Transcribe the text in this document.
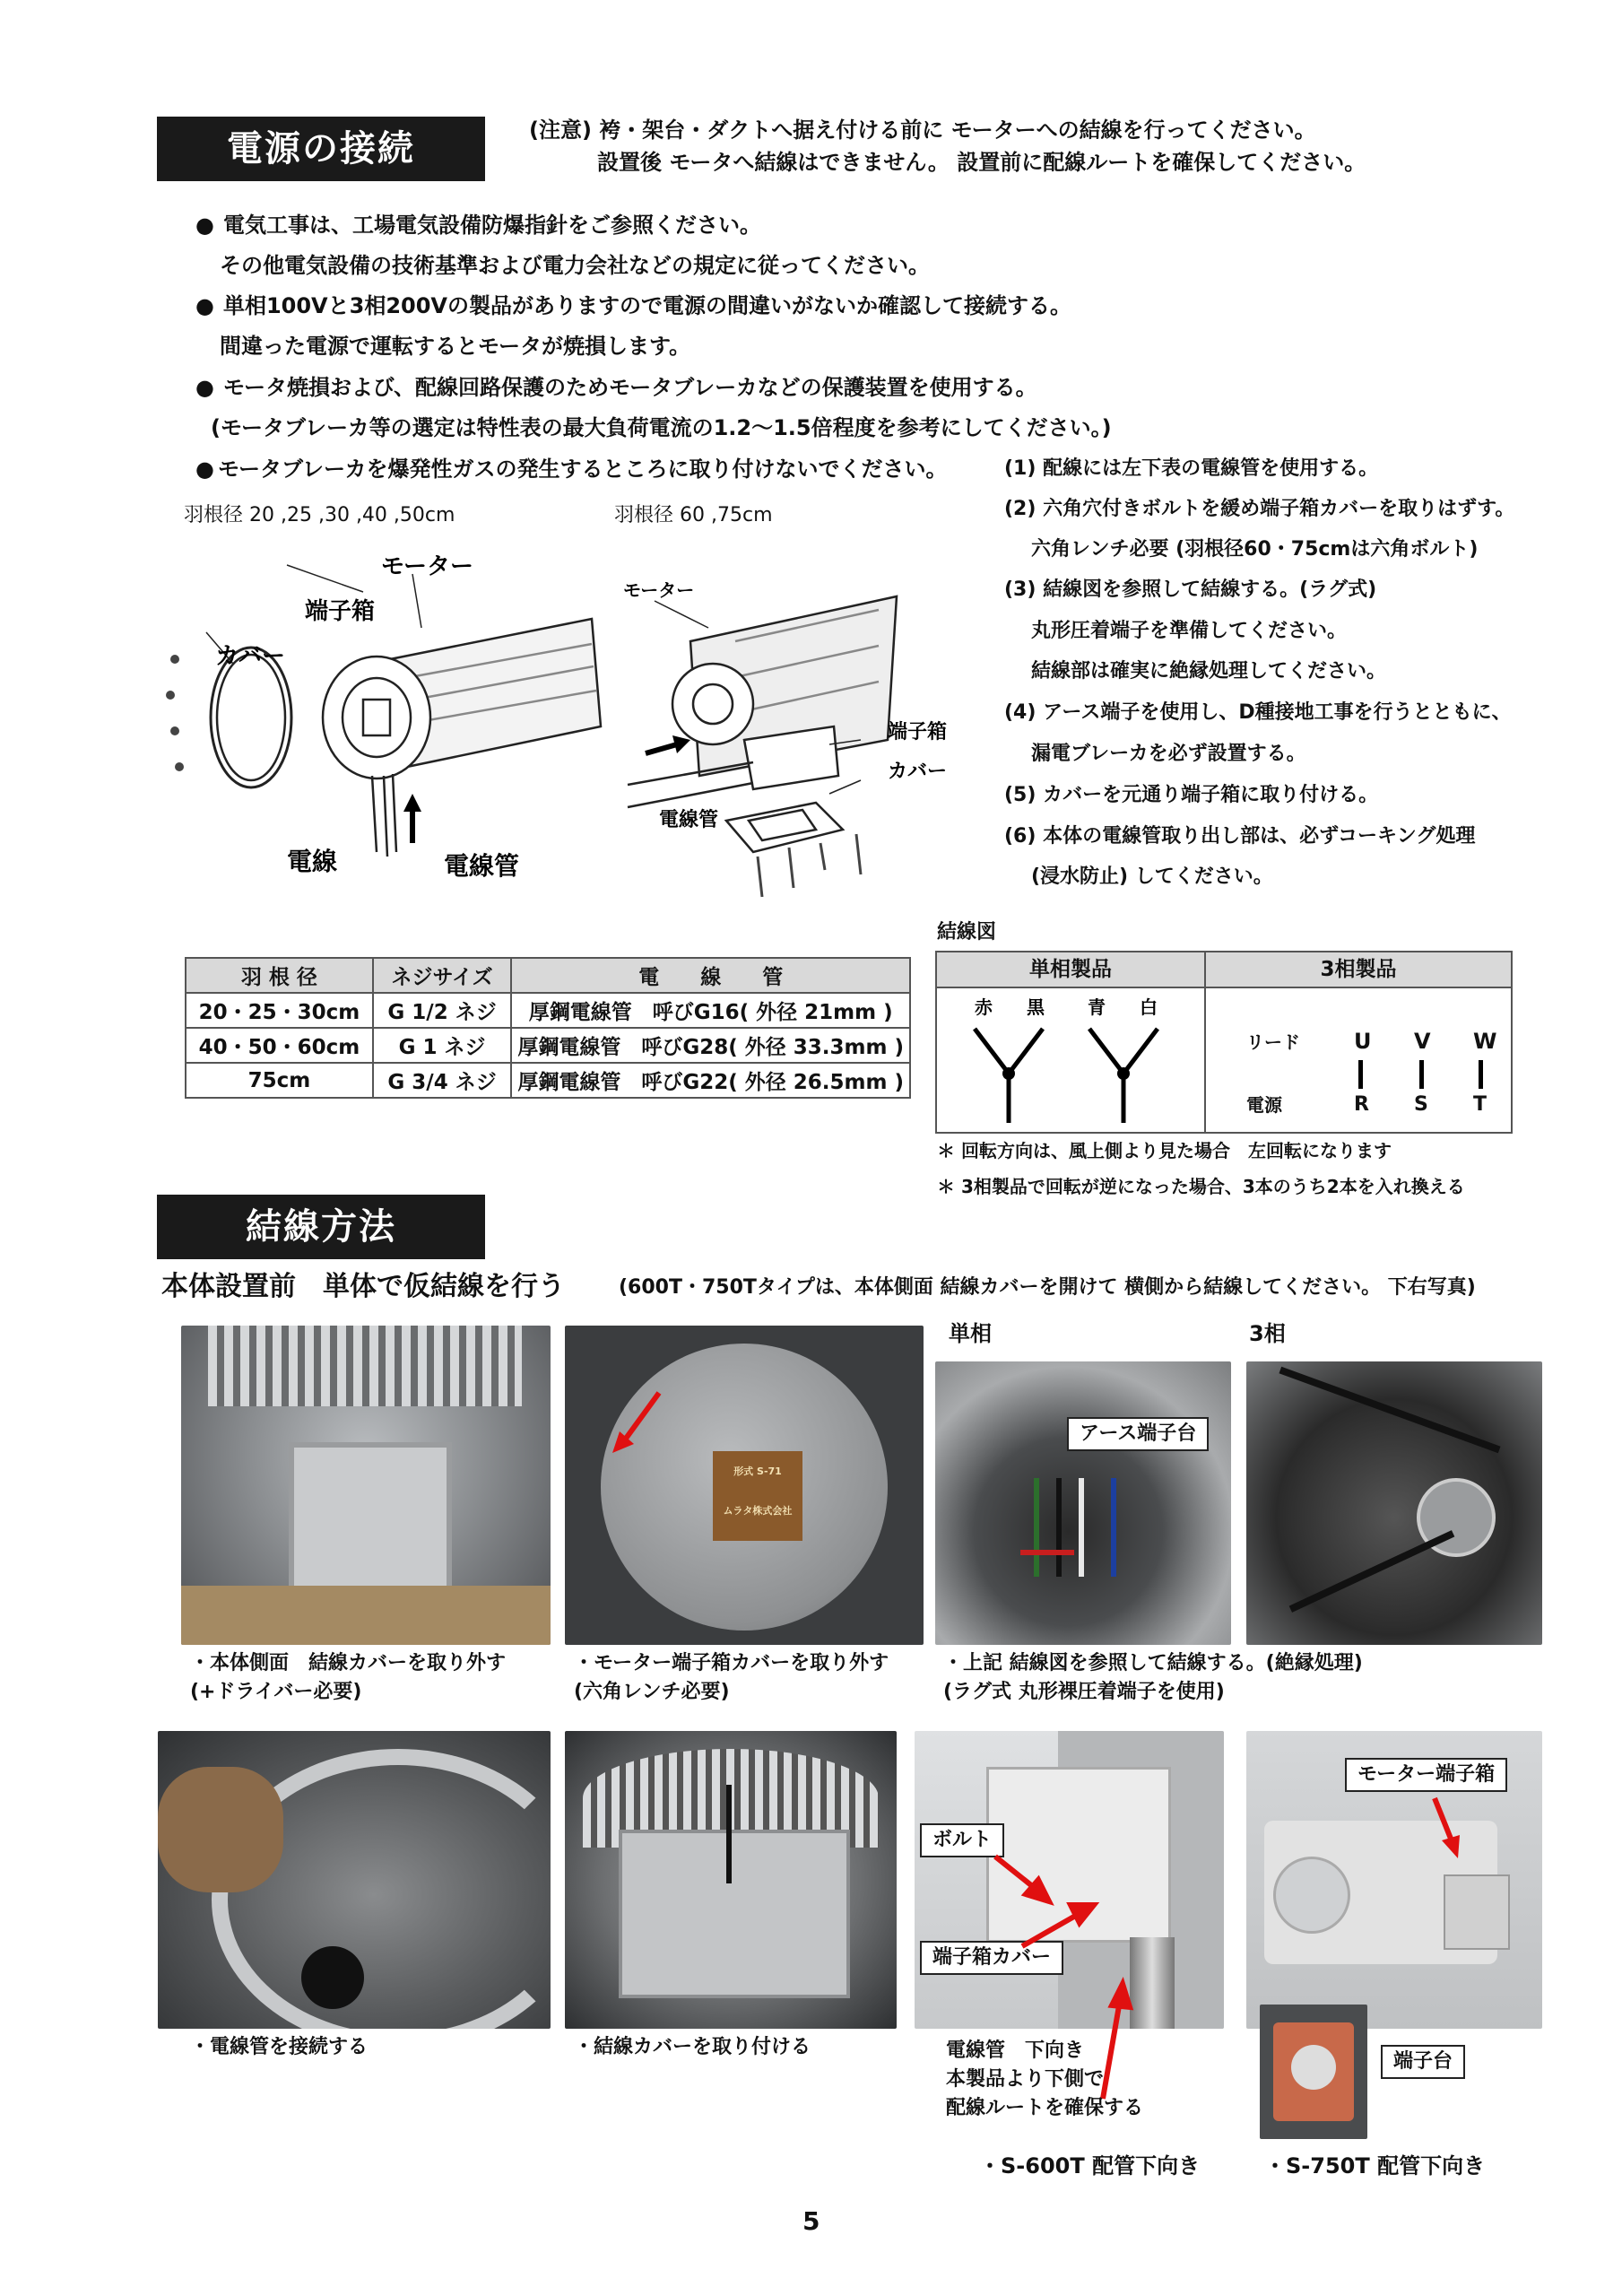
電源の接続	(注意) 袴・架台・ダクトへ据え付ける前に モーターへの結線を行ってください。
設置後 モータへ結線はできません。 設置前に配線ルートを確保してください。
● 電気工事は、工場電気設備防爆指針をご参照ください。
その他電気設備の技術基準および電力会社などの規定に従ってください。
● 単相100Vと3相200Vの製品がありますので電源の間違いがないか確認して接続する。
間違った電源で運転するとモータが焼損します。
● モータ焼損および、配線回路保護のためモータブレーカなどの保護装置を使用する。
(モータブレーカ等の選定は特性表の最大負荷電流の1.2〜1.5倍程度を参考にしてください。)
● モータブレーカを爆発性ガスの発生するところに取り付けないでください。	(1) 配線には左下表の電線管を使用する。
(2) 六角穴付きボルトを緩め端子箱カバーを取りはずす。
六角レンチ必要 (羽根径60・75cmは六角ボルト)
(3) 結線図を参照して結線する。(ラグ式)
丸形圧着端子を準備してください。
結線部は確実に絶縁処理してください。
(4) アース端子を使用し、D種接地工事を行うとともに、
漏電ブレーカを必ず設置する。
(5) カバーを元通り端子箱に取り付ける。
(6) 本体の電線管取り出し部は、必ずコーキング処理
(浸水防止) してください。
羽根径 20 ,25 ,30 ,40 ,50cm
モーター
端子箱
カバー
電線	電線管
羽根径 60 ,75cm
モーター
端子箱
カバー
電線管
羽 根 径	ネジサイズ	電　　線　　管
20・25・30cm	G 1/2 ネジ	厚鋼電線管　呼びG16( 外径 21mm )
40・50・60cm	G 1 ネジ	厚鋼電線管　呼びG28( 外径 33.3mm )
75cm	G 3/4 ネジ	厚鋼電線管　呼びG22( 外径 26.5mm )
結線図
単相製品	3相製品
赤 黒 青 白
リード
電源
U V W
R S T
＊ 回転方向は、風上側より見た場合　左回転になります
＊ 3相製品で回転が逆になった場合、3本のうち2本を入れ換える
結線方法
本体設置前　単体で仮結線を行う	(600T・750Tタイプは、本体側面 結線カバーを開けて 横側から結線してください。 下右写真)
単相	3相
・本体側面　結線カバーを取り外す
(+ドライバー必要)
形式 S-71
ムラタ株式会社
・モーター端子箱カバーを取り外す
(六角レンチ必要)
アース端子台
・上記 結線図を参照して結線する。(絶縁処理)
(ラグ式 丸形裸圧着端子を使用)
・電線管を接続する	・結線カバーを取り付ける
ボルト
端子箱カバー
電線管　下向き
本製品より下側で
配線ルートを確保する
・S-600T 配管下向き
モーター端子箱
端子台
・S-750T 配管下向き
5
